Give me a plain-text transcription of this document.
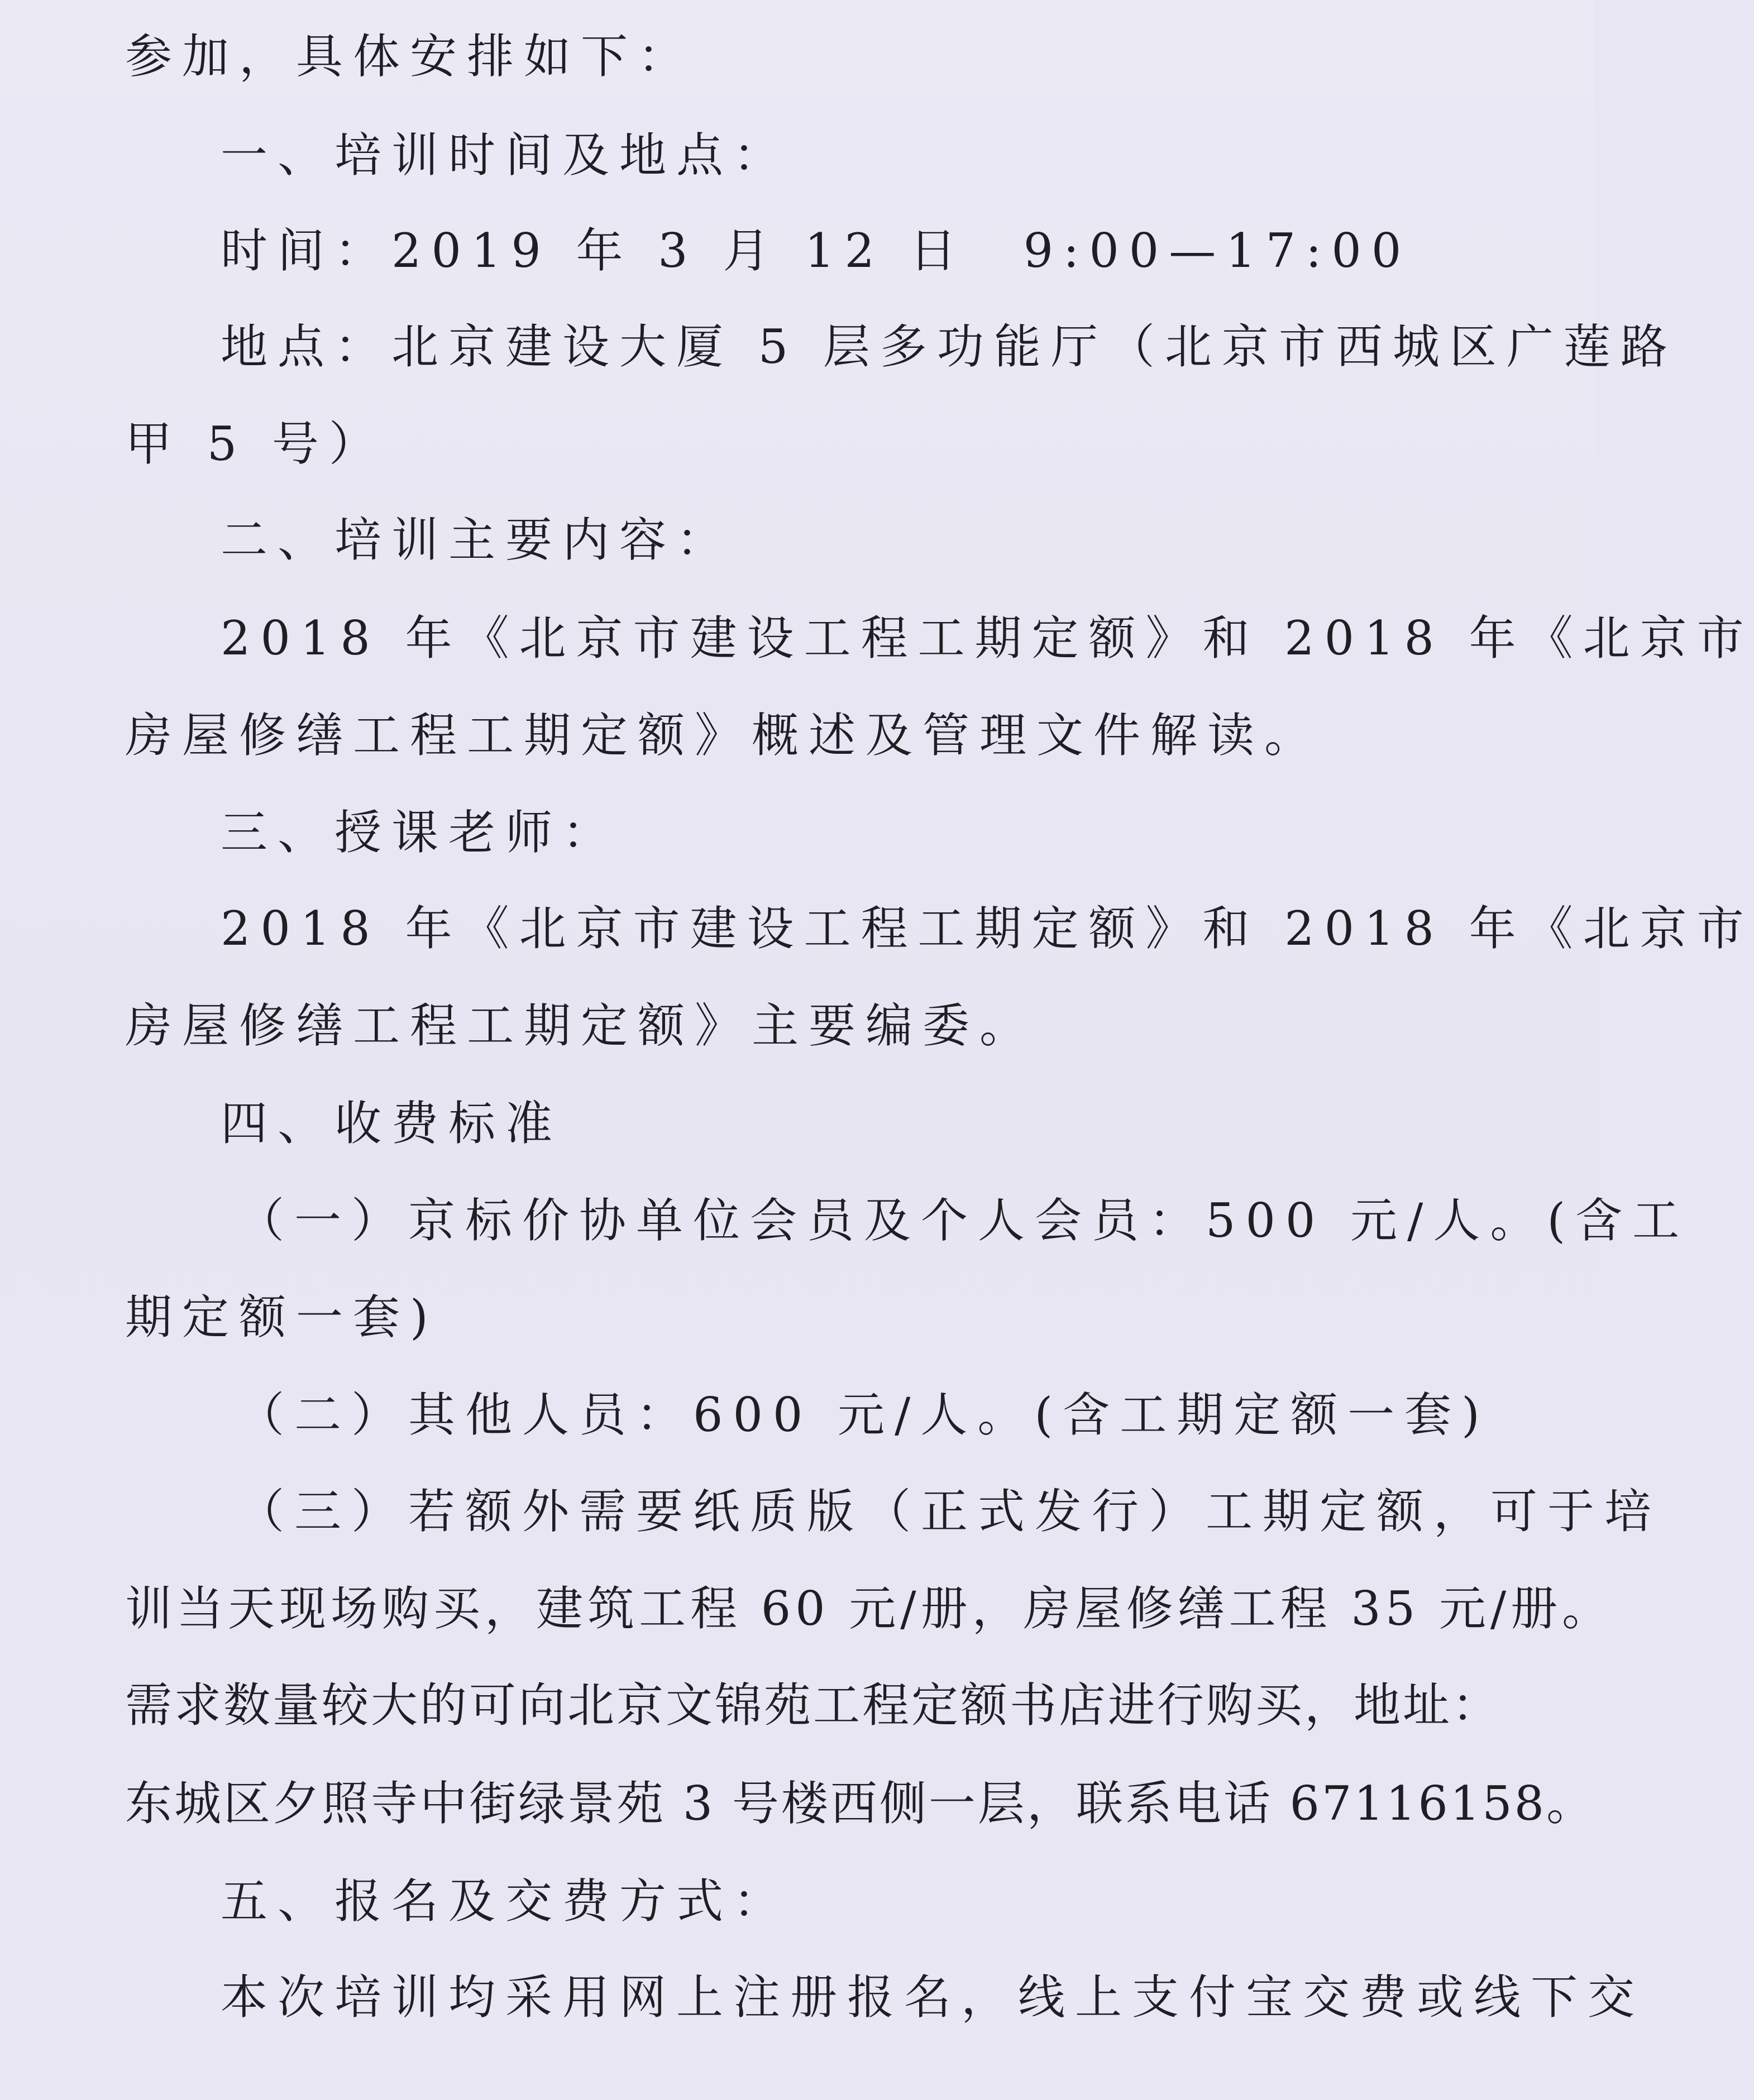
参加，具体安排如下：
一、培训时间及地点：
时间：2019 年 3 月 12 日　9:00—17:00
地点：北京建设大厦 5 层多功能厅（北京市西城区广莲路
甲 5 号）
二、培训主要内容：
2018 年《北京市建设工程工期定额》和 2018 年《北京市
房屋修缮工程工期定额》概述及管理文件解读。
三、授课老师：
2018 年《北京市建设工程工期定额》和 2018 年《北京市
房屋修缮工程工期定额》主要编委。
四、收费标准
（一）京标价协单位会员及个人会员：500 元/人。(含工
期定额一套)
（二）其他人员：600 元/人。(含工期定额一套)
（三）若额外需要纸质版（正式发行）工期定额，可于培
训当天现场购买，建筑工程 60 元/册，房屋修缮工程 35 元/册。
需求数量较大的可向北京文锦苑工程定额书店进行购买，地址：
东城区夕照寺中街绿景苑 3 号楼西侧一层，联系电话 67116158。
五、报名及交费方式：
本次培训均采用网上注册报名，线上支付宝交费或线下交
